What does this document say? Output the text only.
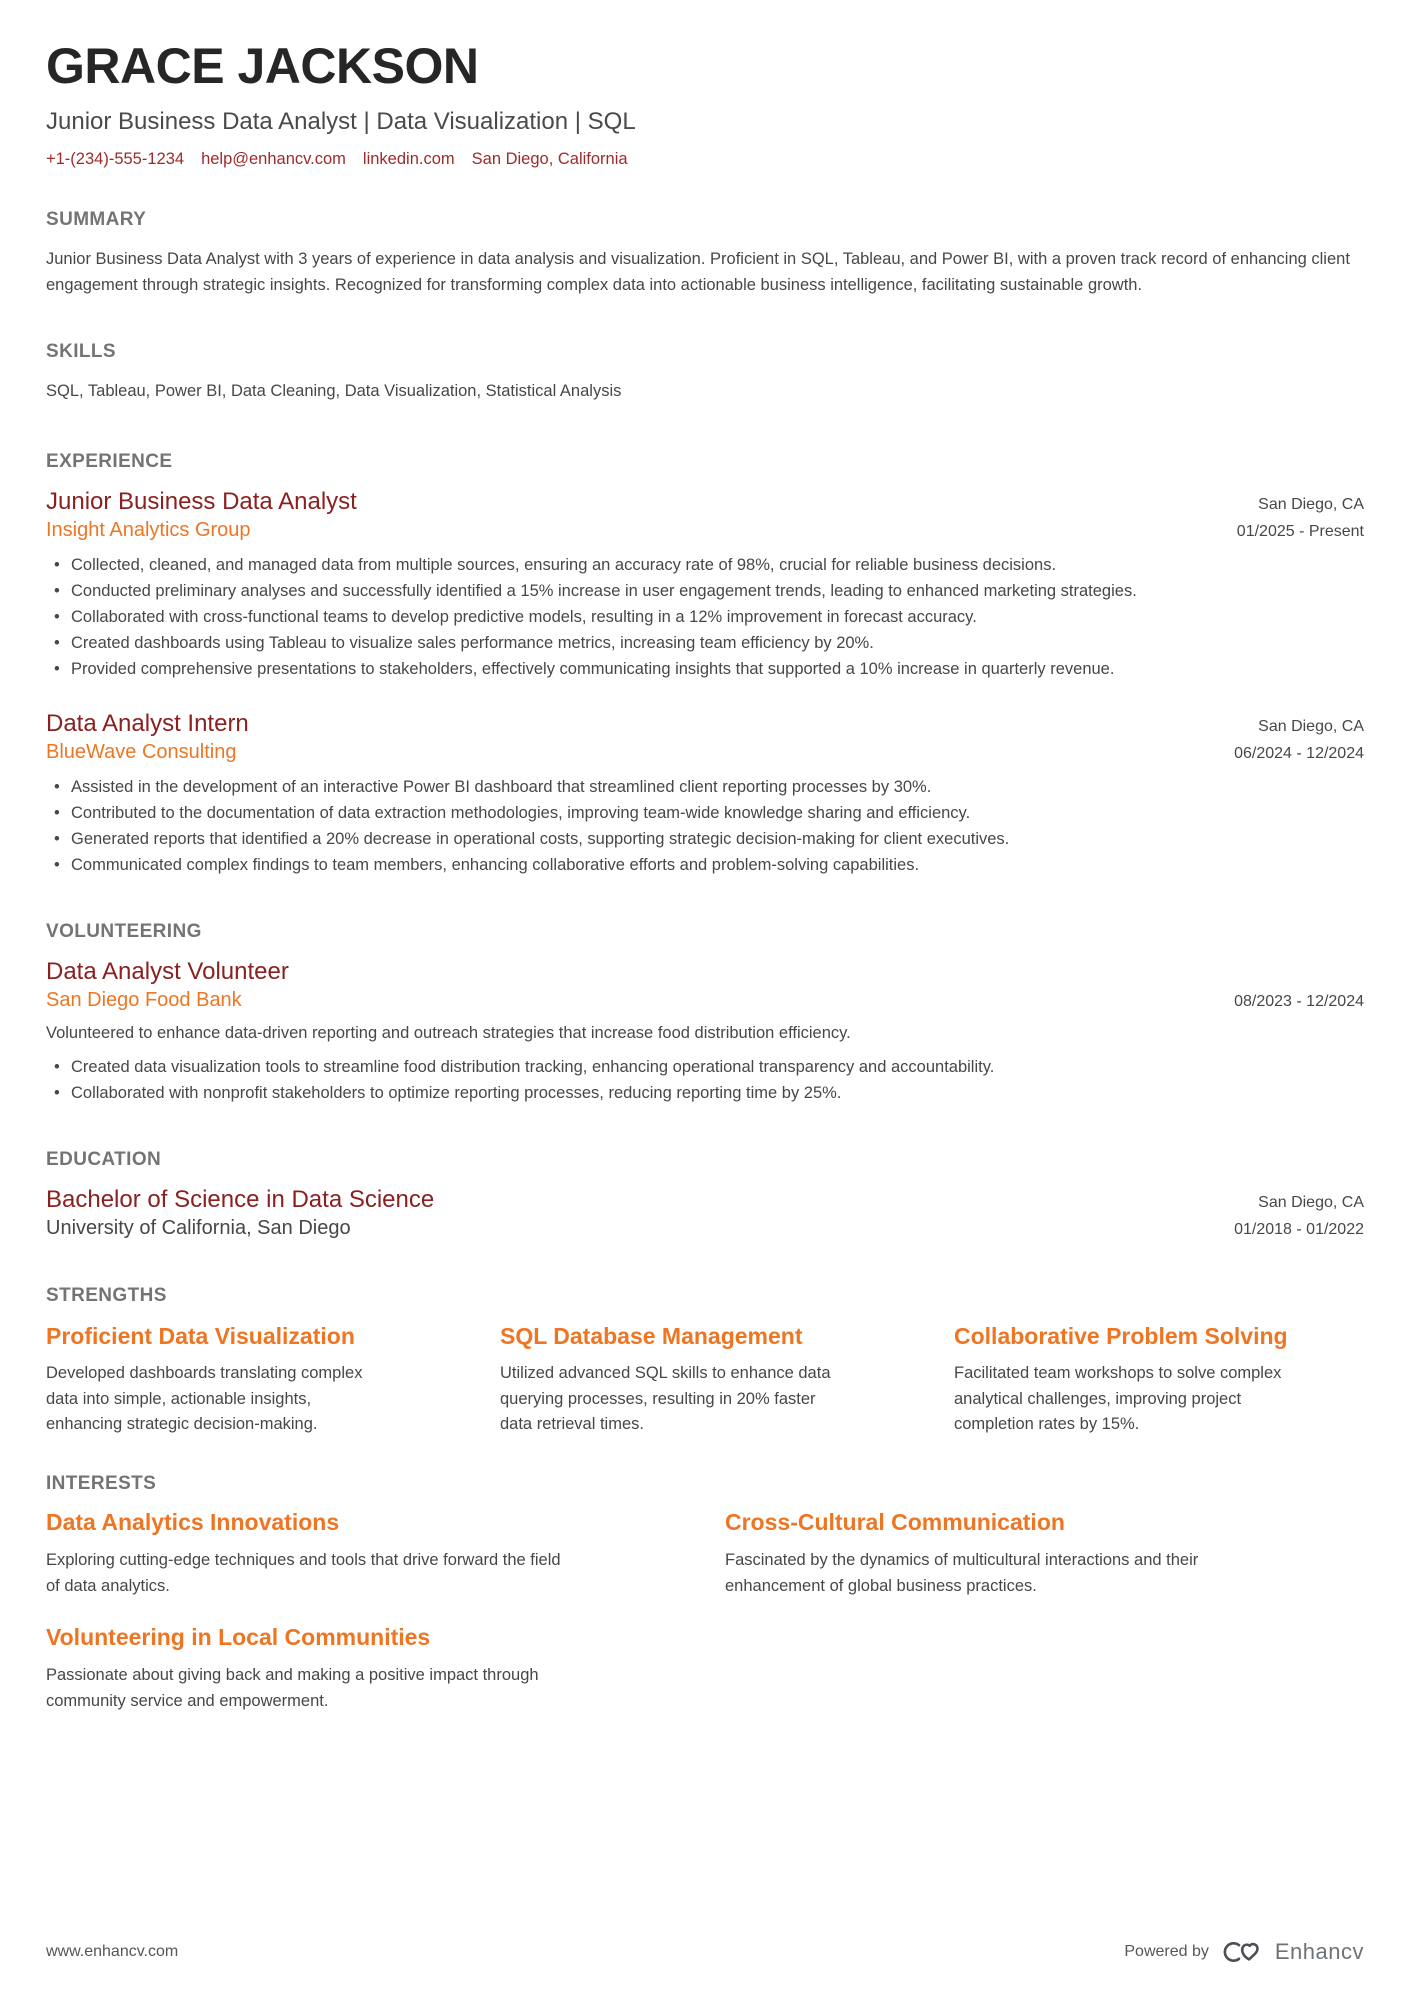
GRACE JACKSON
Junior Business Data Analyst | Data Visualization | SQL
+1-(234)-555-1234 help@enhancv.com linkedin.com San Diego, California
SUMMARY

Junior Business Data Analyst with 3 years of experience in data analysis and visualization. Proficient in SQL, Tableau, and Power BI, with a proven track record of enhancing client engagement through strategic insights. Recognized for transforming complex data into actionable business intelligence, facilitating sustainable growth.

SKILLS

SQL, Tableau, Power BI, Data Cleaning, Data Visualization, Statistical Analysis

EXPERIENCE
Junior Business Data Analyst	San Diego, CA
Insight Analytics Group	01/2025 - Present
• Collected, cleaned, and managed data from multiple sources, ensuring an accuracy rate of 98%, crucial for reliable business decisions.
• Conducted preliminary analyses and successfully identified a 15% increase in user engagement trends, leading to enhanced marketing strategies.
• Collaborated with cross-functional teams to develop predictive models, resulting in a 12% improvement in forecast accuracy.
• Created dashboards using Tableau to visualize sales performance metrics, increasing team efficiency by 20%.
• Provided comprehensive presentations to stakeholders, effectively communicating insights that supported a 10% increase in quarterly revenue.
Data Analyst Intern	San Diego, CA
BlueWave Consulting	06/2024 - 12/2024
• Assisted in the development of an interactive Power BI dashboard that streamlined client reporting processes by 30%.
• Contributed to the documentation of data extraction methodologies, improving team-wide knowledge sharing and efficiency.
• Generated reports that identified a 20% decrease in operational costs, supporting strategic decision-making for client executives.
• Communicated complex findings to team members, enhancing collaborative efforts and problem-solving capabilities.
VOLUNTEERING
Data Analyst Volunteer
San Diego Food Bank	08/2023 - 12/2024

Volunteered to enhance data-driven reporting and outreach strategies that increase food distribution efficiency.

• Created data visualization tools to streamline food distribution tracking, enhancing operational transparency and accountability.
• Collaborated with nonprofit stakeholders to optimize reporting processes, reducing reporting time by 25%.
EDUCATION
Bachelor of Science in Data Science	San Diego, CA
University of California, San Diego	01/2018 - 01/2022
STRENGTHS
Proficient Data Visualization

Developed dashboards translating complex data into simple, actionable insights, enhancing strategic decision-making.

SQL Database Management

Utilized advanced SQL skills to enhance data querying processes, resulting in 20% faster data retrieval times.

Collaborative Problem Solving

Facilitated team workshops to solve complex analytical challenges, improving project completion rates by 15%.

INTERESTS
Data Analytics Innovations

Exploring cutting-edge techniques and tools that drive forward the field of data analytics.

Cross-Cultural Communication

Fascinated by the dynamics of multicultural interactions and their enhancement of global business practices.

Volunteering in Local Communities

Passionate about giving back and making a positive impact through community service and empowerment.

www.enhancv.com	Powered by	Enhancv
